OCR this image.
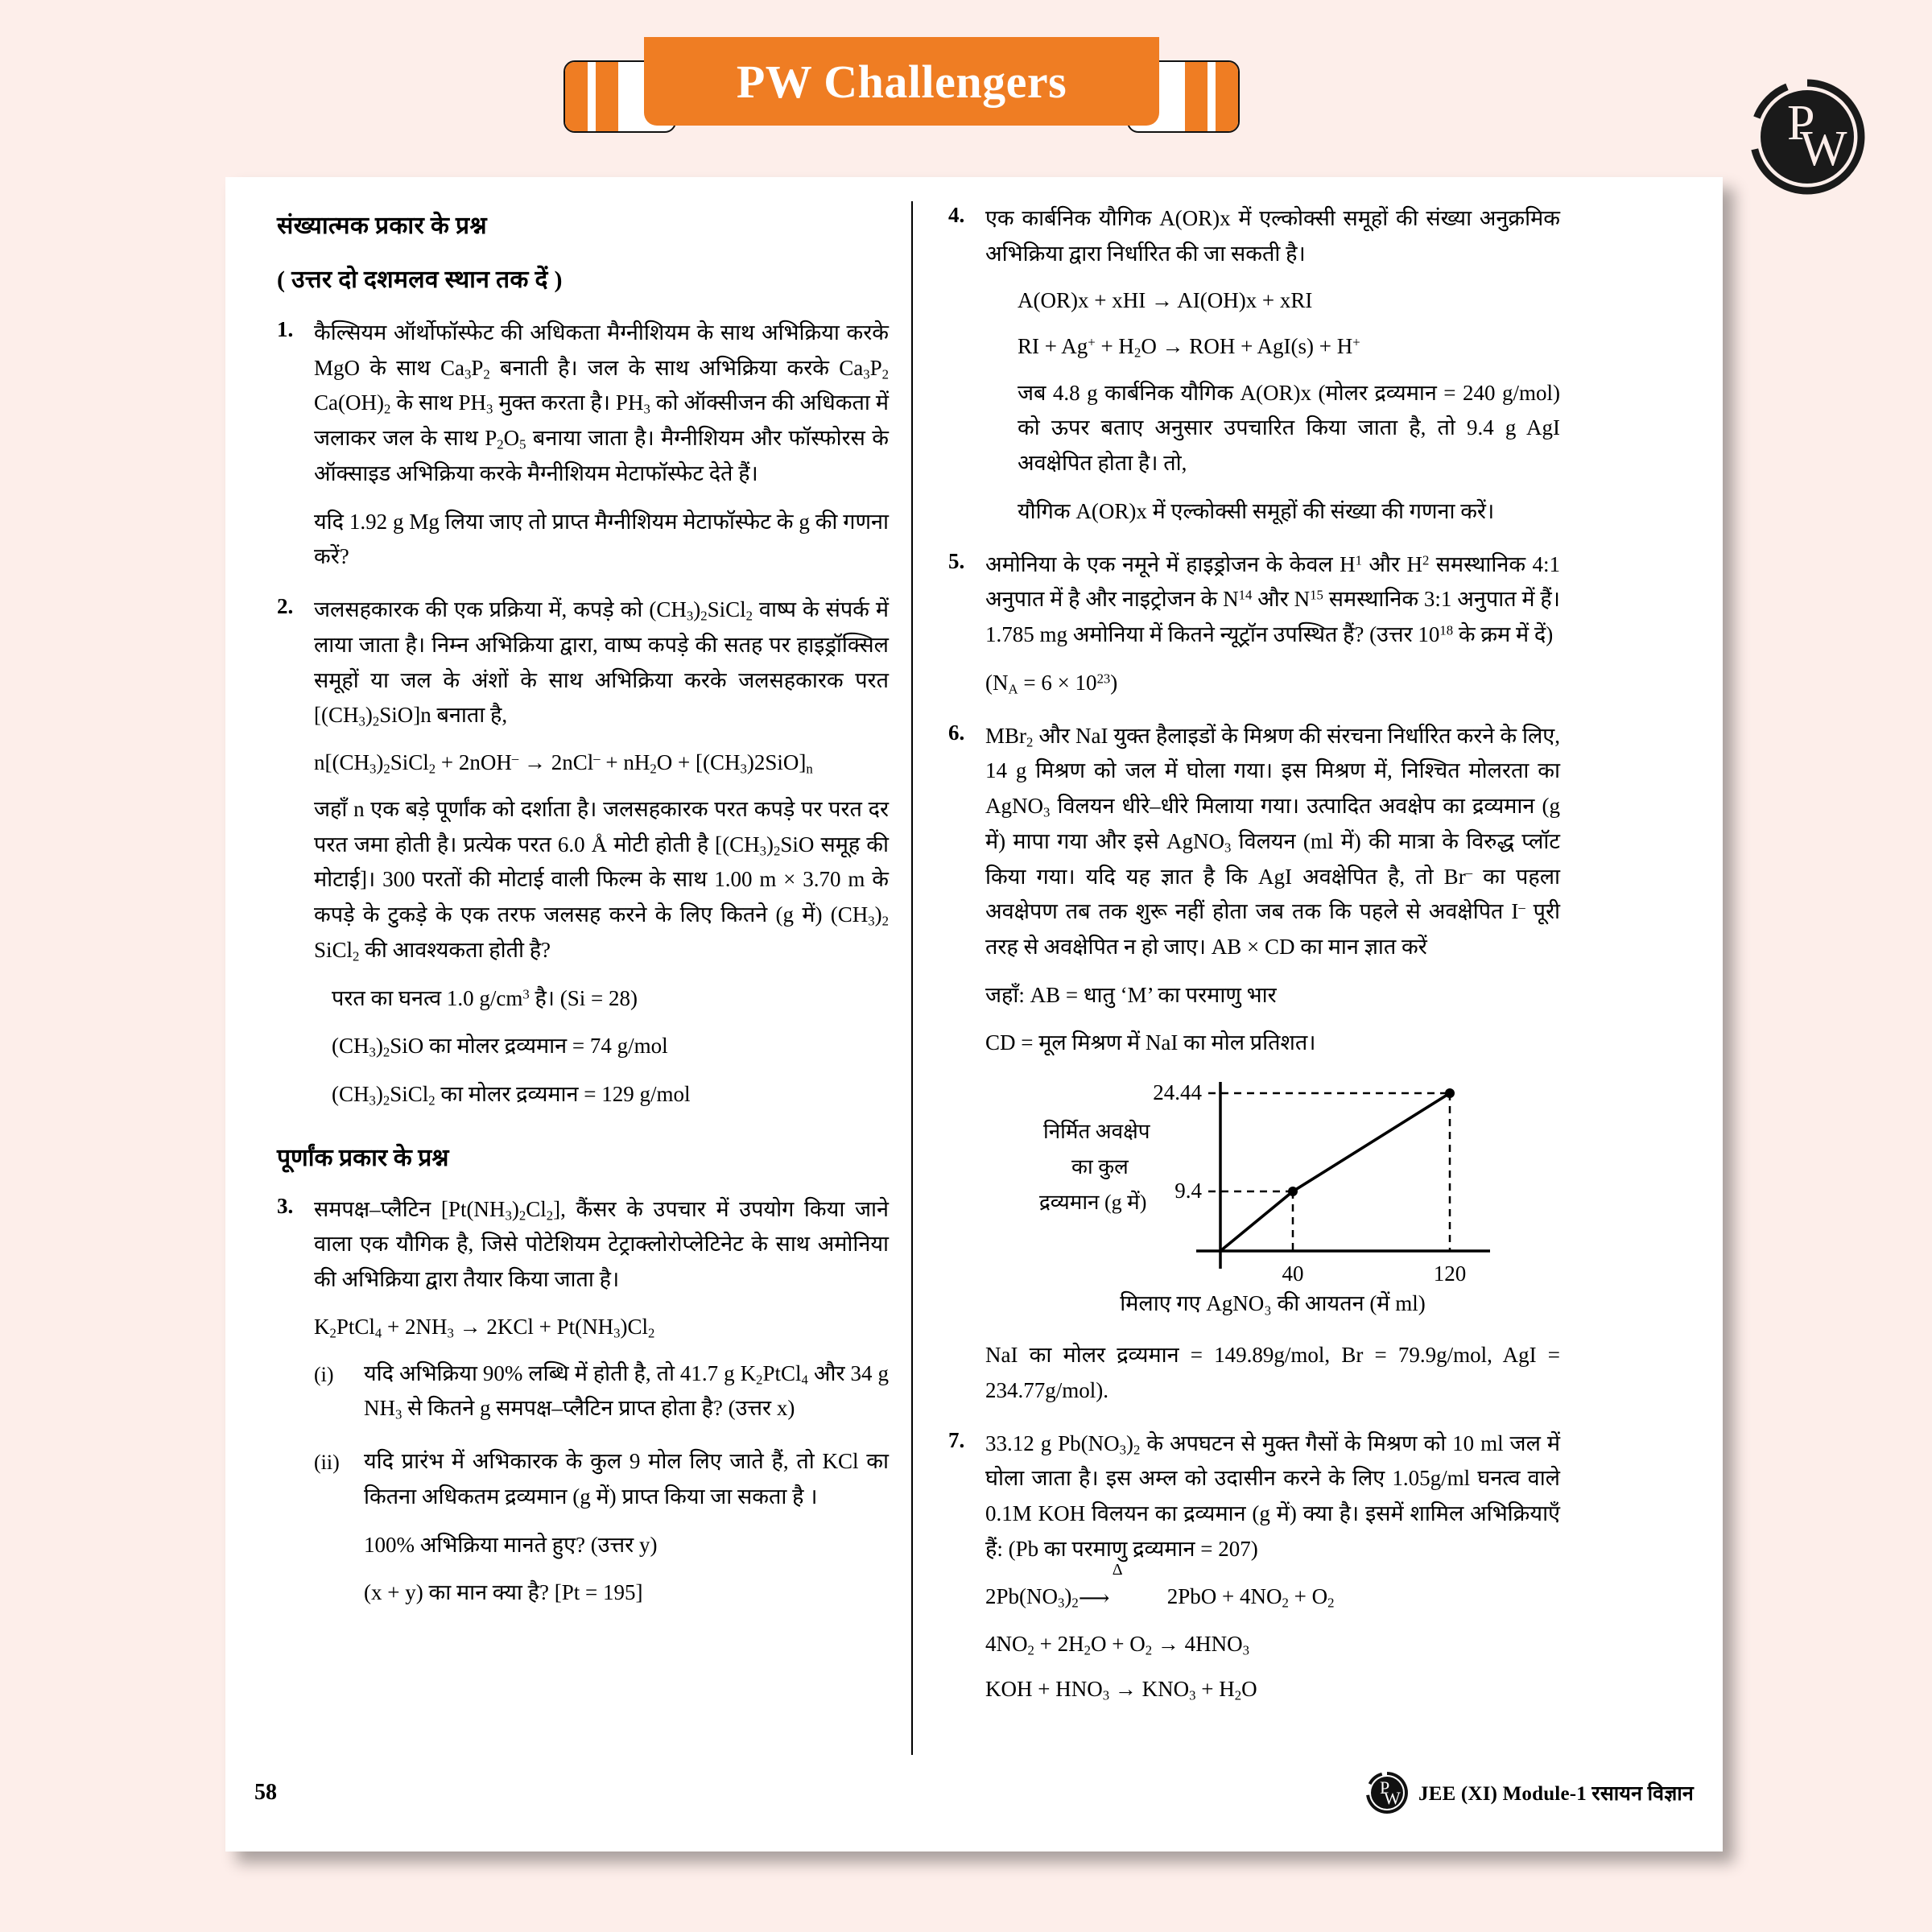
PW Challengers
P
W
संख्यात्मक प्रकार के प्रश्न
( उत्तर दो दशमलव स्थान तक दें )
1. कैल्सियम ऑर्थोफॉस्फेट की अधिकता मैग्नीशियम के साथ अभिक्रिया करके MgO के साथ $Ca_3P_2$ बनाती है। जल के साथ अभिक्रिया करके $Ca_3P_2$ $Ca(OH)_2$ के साथ $PH_3$ मुक्त करता है। $PH_3$ को ऑक्सीजन की अधिकता में जलाकर जल के साथ $P_2O_5$ बनाया जाता है। मैग्नीशियम और फॉस्फोरस के ऑक्साइड अभिक्रिया करके मैग्नीशियम मेटाफॉस्फेट देते हैं।

यदि 1.92 g Mg लिया जाए तो प्राप्त मैग्नीशियम मेटाफॉस्फेट के g की गणना करें?

2. जलसहकारक की एक प्रक्रिया में, कपड़े को $(CH_3)_2SiCl_2$ वाष्प के संपर्क में लाया जाता है। निम्न अभिक्रिया द्वारा, वाष्प कपड़े की सतह पर हाइड्रॉक्सिल समूहों या जल के अंशों के साथ अभिक्रिया करके जलसहकारक परत $[(CH_3)_2SiO]n$ बनाता है,

$n[(CH_3)_2SiCl_2 + 2nOH^- \to 2nCl^- + nH_2O + [(CH_3)2SiO]_n$

जहाँ n एक बड़े पूर्णांक को दर्शाता है। जलसहकारक परत कपड़े पर परत दर परत जमा होती है। प्रत्येक परत 6.0 Å मोटी होती है [$(CH_3)_2SiO$ समूह की मोटाई]। 300 परतों की मोटाई वाली फिल्म के साथ 1.00 m × 3.70 m के कपड़े के टुकड़े के एक तरफ जलसह करने के लिए कितने (g में) $(CH_3)_2$ SiCl$_2$ की आवश्यकता होती है?

परत का घनत्व 1.0 $g/cm^3$ है। (Si = 28)

$(CH_3)_2SiO$ का मोलर द्रव्यमान = 74 g/mol

$(CH_3)_2SiCl_2$ का मोलर द्रव्यमान = 129 g/mol

पूर्णांक प्रकार के प्रश्न
3. समपक्ष–प्लैटिन $[Pt(NH_3)_2Cl_2]$, कैंसर के उपचार में उपयोग किया जाने वाला एक यौगिक है, जिसे पोटेशियम टेट्राक्लोरोप्लेटिनेट के साथ अमोनिया की अभिक्रिया द्वारा तैयार किया जाता है।

$K_2PtCl_4 + 2NH_3 \to 2KCl + Pt(NH_3)Cl_2$

(i)	यदि अभिक्रिया 90% लब्धि में होती है, तो 41.7 g $K_2PtCl_4$ और 34 g $NH_3$ से कितने g समपक्ष–प्लैटिन प्राप्त होता है? (उत्तर x)

(ii)	यदि प्रारंभ में अभिकारक के कुल 9 मोल लिए जाते हैं, तो KCl का कितना अधिकतम द्रव्यमान (g में) प्राप्त किया जा सकता है ।

100% अभिक्रिया मानते हुए? (उत्तर y)

(x + y) का मान क्या है? [Pt = 195]

4. एक कार्बनिक यौगिक A(OR)x में एल्कोक्सी समूहों की संख्या अनुक्रमिक अभिक्रिया द्वारा निर्धारित की जा सकती है।

A(OR)x + xHI → AI(OH)x + xRI

RI + $Ag^+ + H_2O$ → ROH + AgI(s) + H+

जब 4.8 g कार्बनिक यौगिक A(OR)x (मोलर द्रव्यमान = 240 g/mol) को ऊपर बताए अनुसार उपचारित किया जाता है, तो 9.4 g AgI अवक्षेपित होता है। तो,

यौगिक A(OR)x में एल्कोक्सी समूहों की संख्या की गणना करें।

5. अमोनिया के एक नमूने में हाइड्रोजन के केवल $H^1$ और $H^2$ समस्थानिक 4:1 अनुपात में है और नाइट्रोजन के $N^{14}$ और $N^{15}$ समस्थानिक 3:1 अनुपात में हैं। 1.785 mg अमोनिया में कितने न्यूट्रॉन उपस्थित हैं? (उत्तर $10^{18}$ के क्रम में दें)

$(N_A = 6 \times 10^{23})$

6. MBr$_2$ और NaI युक्त हैलाइडों के मिश्रण की संरचना निर्धारित करने के लिए, 14 g मिश्रण को जल में घोला गया। इस मिश्रण में, निश्चित मोलरता का AgNO$_3$ विलयन धीरे–धीरे मिलाया गया। उत्पादित अवक्षेप का द्रव्यमान (g में) मापा गया और इसे AgNO$_3$ विलयन (ml में) की मात्रा के विरुद्ध प्लॉट किया गया। यदि यह ज्ञात है कि AgI अवक्षेपित है, तो Br– का पहला अवक्षेपण तब तक शुरू नहीं होता जब तक कि पहले से अवक्षेपित I– पूरी तरह से अवक्षेपित न हो जाए। AB × CD का मान ज्ञात करें

जहाँ: AB = धातु ‘M’ का परमाणु भार

CD = मूल मिश्रण में NaI का मोल प्रतिशत।

24.44
9.4
निर्मित अवक्षेप
का कुल
द्रव्यमान (g में)
40	120
मिलाए गए AgNO₃ की आयतन (में ml)

NaI का मोलर द्रव्यमान = 149.89g/mol, Br = 79.9g/mol, AgI = 234.77g/mol).

7. 33.12 g $Pb(NO_3)_2$ के अपघटन से मुक्त गैसों के मिश्रण को 10 ml जल में घोला जाता है। इस अम्ल को उदासीन करने के लिए 1.05g/ml घनत्व वाले 0.1M KOH विलयन का द्रव्यमान (g में) क्या है। इसमें शामिल अभिक्रियाएँ हैं: (Pb का परमाणु द्रव्यमान = 207)

$2Pb(NO_3)_2$
Δ
⟶	$2PbO + 4NO_2 + O_2$

$4NO_2 + 2H_2O + O_2 \to 4HNO_3$

KOH + $HNO_3 \to KNO_3 + H_2O$

58	P
W JEE (XI) Module-1 रसायन विज्ञान
